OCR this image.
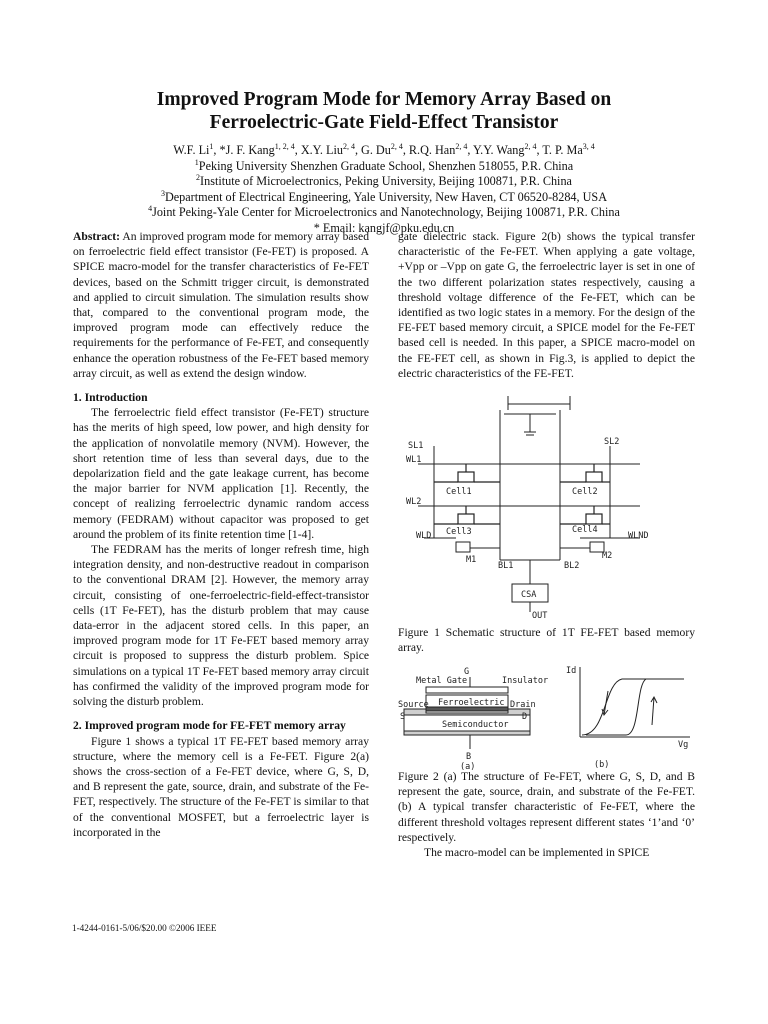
Improved Program Mode for Memory Array Based on
Ferroelectric-Gate Field-Effect Transistor
W.F. Li$^1$, *J. F. Kang$^{1, 2, 4}$, X.Y. Liu$^{2, 4}$, G. Du$^{2, 4}$, R.Q. Han$^{2, 4}$, Y.Y. Wang$^{2, 4}$, T. P. Ma$^{3, 4}$
$^1$Peking University Shenzhen Graduate School, Shenzhen 518055, P.R. China
$^2$Institute of Microelectronics, Peking University, Beijing 100871, P.R. China
$^3$Department of Electrical Engineering, Yale University, New Haven, CT 06520-8284, USA
$^4$Joint Peking-Yale Center for Microelectronics and Nanotechnology, Beijing 100871, P.R. China
* Email: kangjf@pku.edu.cn

Abstract: An improved program mode for memory array based on ferroelectric field effect transistor (Fe-FET) is proposed. A SPICE macro-model for the transfer characteristics of Fe-FET devices, based on the Schmitt trigger circuit, is demonstrated and applied to circuit simulation. The simulation results show that, compared to the conventional program mode, the improved program mode can effectively reduce the requirements for the performance of Fe-FET, and consequently enhance the operation robustness of the Fe-FET based memory array circuit, as well as extend the design window.

1. Introduction

The ferroelectric field effect transistor (Fe-FET) structure has the merits of high speed, low power, and high density for the application of nonvolatile memory (NVM). However, the short retention time of less than several days, due to the depolarization field and the gate leakage current, has become the major barrier for NVM application [1]. Recently, the concept of realizing ferroelectric dynamic random access memory (FEDRAM) without capacitor was proposed to get around the problem of its finite retention time [1-4].

The FEDRAM has the merits of longer refresh time, high integration density, and non-destructive readout in comparison to the conventional DRAM [2]. However, the memory array circuit, consisting of one-ferroelectric-field-effect-transistor cells (1T Fe-FET), has the disturb problem that may cause data-error in the adjacent stored cells. In this paper, an improved program mode for 1T Fe-FET based memory array circuit is proposed to suppress the disturb problem. Spice simulations on a typical 1T Fe-FET based memory array circuit has confirmed the validity of the improved program mode for solving the disturb problem.

2. Improved program mode for FE-FET memory array

Figure 1 shows a typical 1T FE-FET based memory array structure, where the memory cell is a Fe-FET. Figure 2(a) shows the cross-section of a Fe-FET device, where G, S, D, and B represent the gate, source, drain, and substrate of the Fe-FET, respectively. The structure of the Fe-FET is similar to that of the conventional MOSFET, but a ferroelectric layer is incorporated in the

gate dielectric stack. Figure 2(b) shows the typical transfer characteristic of the Fe-FET. When applying a gate voltage, +Vpp or –Vpp on gate G, the ferroelectric layer is set in one of the two different polarization states respectively, causing a threshold voltage difference of the Fe-FET, which can be identified as two logic states in a memory. For the design of the FE-FET based memory circuit, a SPICE model for the Fe-FET based cell is needed. In this paper, a SPICE macro-model on the FE-FET cell, as shown in Fig.3, is applied to depict the electric characteristics of the FE-FET.

SL1	SL2
WL1
WL2
Cell1	Cell2
Cell3	Cell4
WLD	WLND
M1	M2
BL1	BL2
CSA
OUT
Figure 1 Schematic structure of 1T FE-FET based memory array.
G
Metal Gate	Insulator
Ferroelectric
Source
S
Drain
D
Semiconductor
B
(a)
Id
Vg
(b)
Figure 2 (a) The structure of Fe-FET, where G, S, D, and B represent the gate, source, drain, and substrate of the Fe-FET. (b) A typical transfer characteristic of Fe-FET, where the different threshold voltages represent different states ‘1’and ‘0’ respectively.
The macro-model can be implemented in SPICE
1-4244-0161-5/06/$20.00 ©2006 IEEE
